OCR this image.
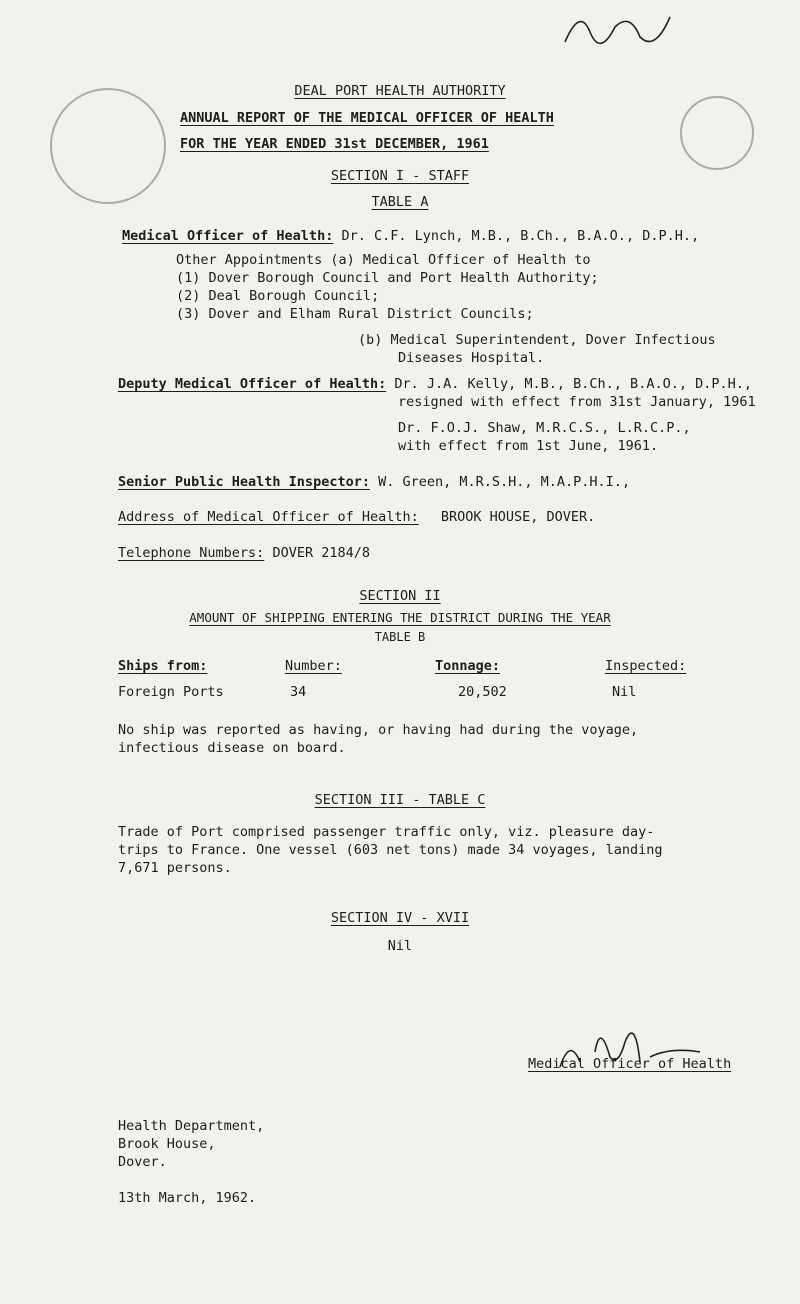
DEAL PORT HEALTH AUTHORITY
ANNUAL REPORT OF THE MEDICAL OFFICER OF HEALTH
FOR THE YEAR ENDED 31st DECEMBER, 1961
SECTION I - STAFF
TABLE A
Medical Officer of Health: Dr. C.F. Lynch, M.B., B.Ch., B.A.O., D.P.H.,
Other Appointments (a) Medical Officer of Health to
(1) Dover Borough Council and Port Health Authority;
(2) Deal Borough Council;
(3) Dover and Elham Rural District Councils;
(b) Medical Superintendent, Dover Infectious
Diseases Hospital.
Deputy Medical Officer of Health: Dr. J.A. Kelly, M.B., B.Ch., B.A.O., D.P.H.,
resigned with effect from 31st January, 1961
Dr. F.O.J. Shaw, M.R.C.S., L.R.C.P.,
with effect from 1st June, 1961.
Senior Public Health Inspector: W. Green, M.R.S.H., M.A.P.H.I.,
Address of Medical Officer of Health: BROOK HOUSE, DOVER.
Telephone Numbers: DOVER 2184/8
SECTION II
AMOUNT OF SHIPPING ENTERING THE DISTRICT DURING THE YEAR
TABLE B
Ships from:	Number:	Tonnage:	Inspected:
Foreign Ports	34	20,502	Nil
No ship was reported as having, or having had during the voyage,
infectious disease on board.
SECTION III - TABLE C
Trade of Port comprised passenger traffic only, viz. pleasure day-
trips to France. One vessel (603 net tons) made 34 voyages, landing
7,671 persons.
SECTION IV - XVII
Nil
Medical Officer of Health
Health Department,
Brook House,
Dover.
13th March, 1962.
